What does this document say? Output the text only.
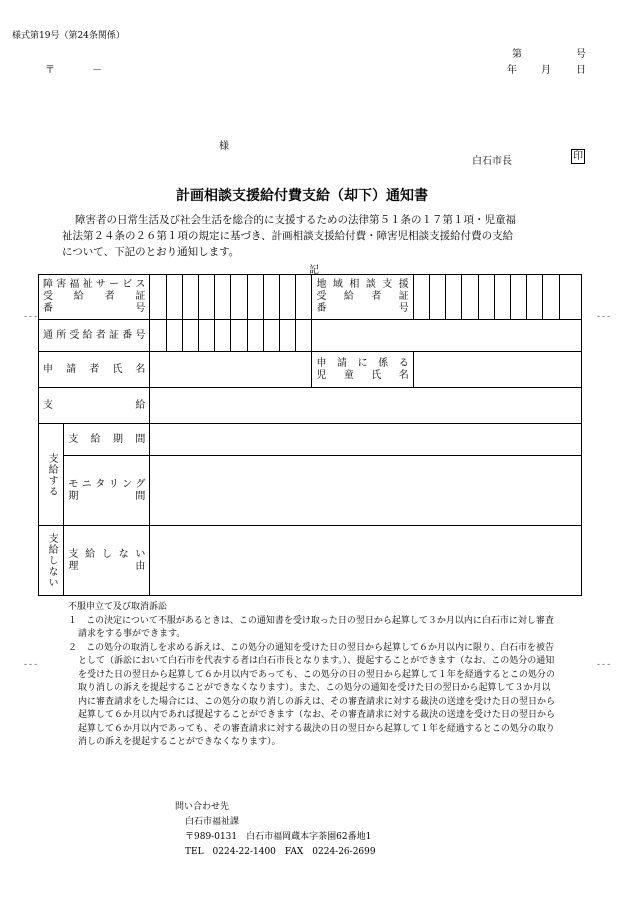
様式第19号（第24条関係）
第	号
年 月	日
〒	－
様
白石市長	印
計画相談支援給付費支給（却下）通知書
障害者の日常生活及び社会生活を総合的に支援するための法律第５１条の１７第１項・児童福
祉法第２４条の２６第１項の規定に基づき、計画相談支援給付費・障害児相談支援給付費の支給
について、下記のとおり通知します。
記
---	---
---	---
障害福祉サービス
受給者証
番号												地域相談支援
受給者証
番号										

通所受給者証番号																						

申請者氏名												申請に係る
児童氏名										

支給																						

支給する	支給期間																					

	モニタリング
期間																					

支給しない	支給しない
理由																					

不服申立て及び取消訴訟

１　 この決定について不服があるときは、この通知書を受け取った日の翌日から起算して３か月以内に白石市に対し審査請求をする事ができます。

２　 この処分の取消しを求める訴えは、この処分の通知を受けた日の翌日から起算して６か月以内に限り、白石市を被告として（訴訟において白石市を代表する者は白石市長となります。）、提起することができます（なお、この処分の通知を受けた日の翌日から起算して６か月以内であっても、この処分の日の翌日から起算して１年を経過するとこの処分の取り消しの訴えを提起することができなくなります）。また、この処分の通知を受けた日の翌日から起算して３か月以内に審査請求をした場合には、この処分の取り消しの訴えは、その審査請求に対する裁決の送達を受けた日の翌日から起算して６か月以内であれば提起することができます（なお、その審査請求に対する裁決の送達を受けた日の翌日から起算して６か月以内であっても、その審査請求に対する裁決の日の翌日から起算して１年を経過するとこの処分の取り消しの訴えを提起することができなくなります）。

問い合わせ先
白石市福祉課
〒989-0131　白石市福岡蔵本字茶園62番地1
TEL　0224-22-1400　FAX　0224-26-2699
